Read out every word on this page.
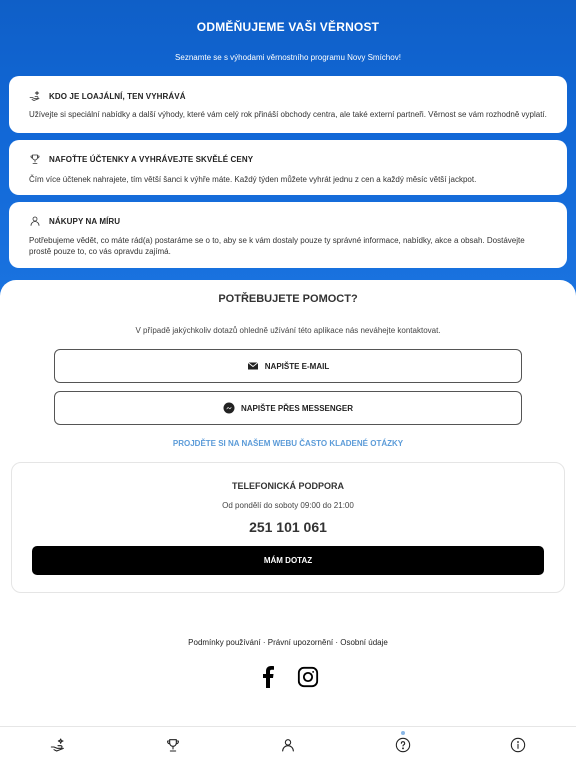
ODMĚŇUJEME VAŠI VĚRNOST
Seznamte se s výhodami věrnostního programu Novy Smíchov!
KDO JE LOAJÁLNÍ, TEN VYHRÁVÁ
Užívejte si speciální nabídky a další výhody, které vám celý rok přináší obchody centra, ale také externí partneři. Věrnost se vám rozhodně vyplatí.
NAFOŤTE ÚČTENKY A VYHRÁVEJTE SKVĚLÉ CENY
Čím více účtenek nahrajete, tím větší šanci k výhře máte. Každý týden můžete vyhrát jednu z cen a každý měsíc větší jackpot.
NÁKUPY NA MÍRU
Potřebujeme vědět, co máte rád(a) postaráme se o to, aby se k vám dostaly pouze ty správné informace, nabídky, akce a obsah. Dostávejte prostě pouze to, co vás opravdu zajímá.
POTŘEBUJETE POMOCT?
V případě jakýchkoliv dotazů ohledně užívání této aplikace nás neváhejte kontaktovat.
NAPIŠTE E-MAIL
NAPIŠTE PŘES MESSENGER
PROJDĚTE SI NA NAŠEM WEBU ČASTO KLADENÉ OTÁZKY
TELEFONICKÁ PODPORA
Od pondělí do soboty 09:00 do 21:00
251 101 061
MÁM DOTAZ
Podmínky používání · Právní upozornění · Osobní údaje
